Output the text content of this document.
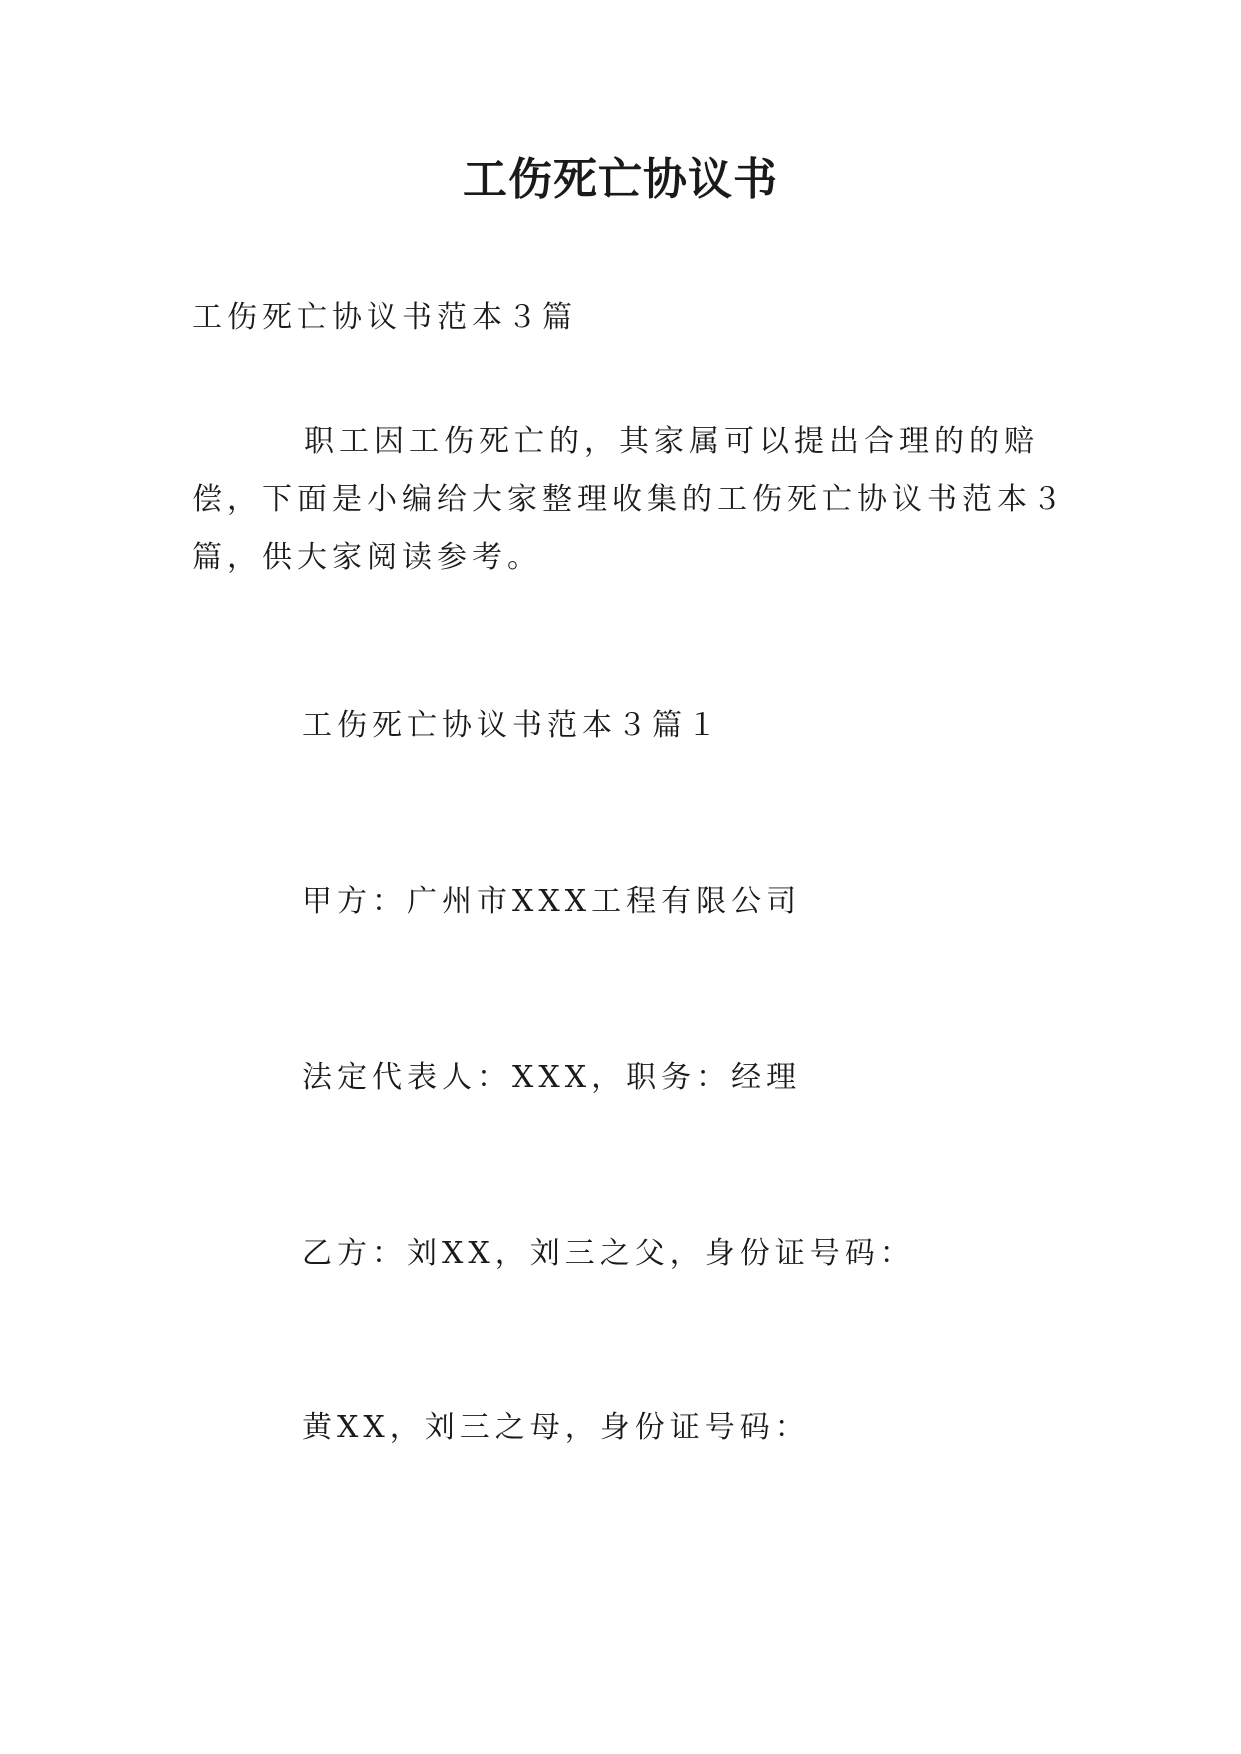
工伤死亡协议书
工伤死亡协议书范本３篇
职工因工伤死亡的，其家属可以提出合理的的赔偿，下面是小编给大家整理收集的工伤死亡协议书范本３篇，供大家阅读参考。
工伤死亡协议书范本３篇１
甲方：广州市XXX工程有限公司
法定代表人：XXX，职务：经理
乙方：刘XX，刘三之父，身份证号码：
黄XX，刘三之母，身份证号码：
